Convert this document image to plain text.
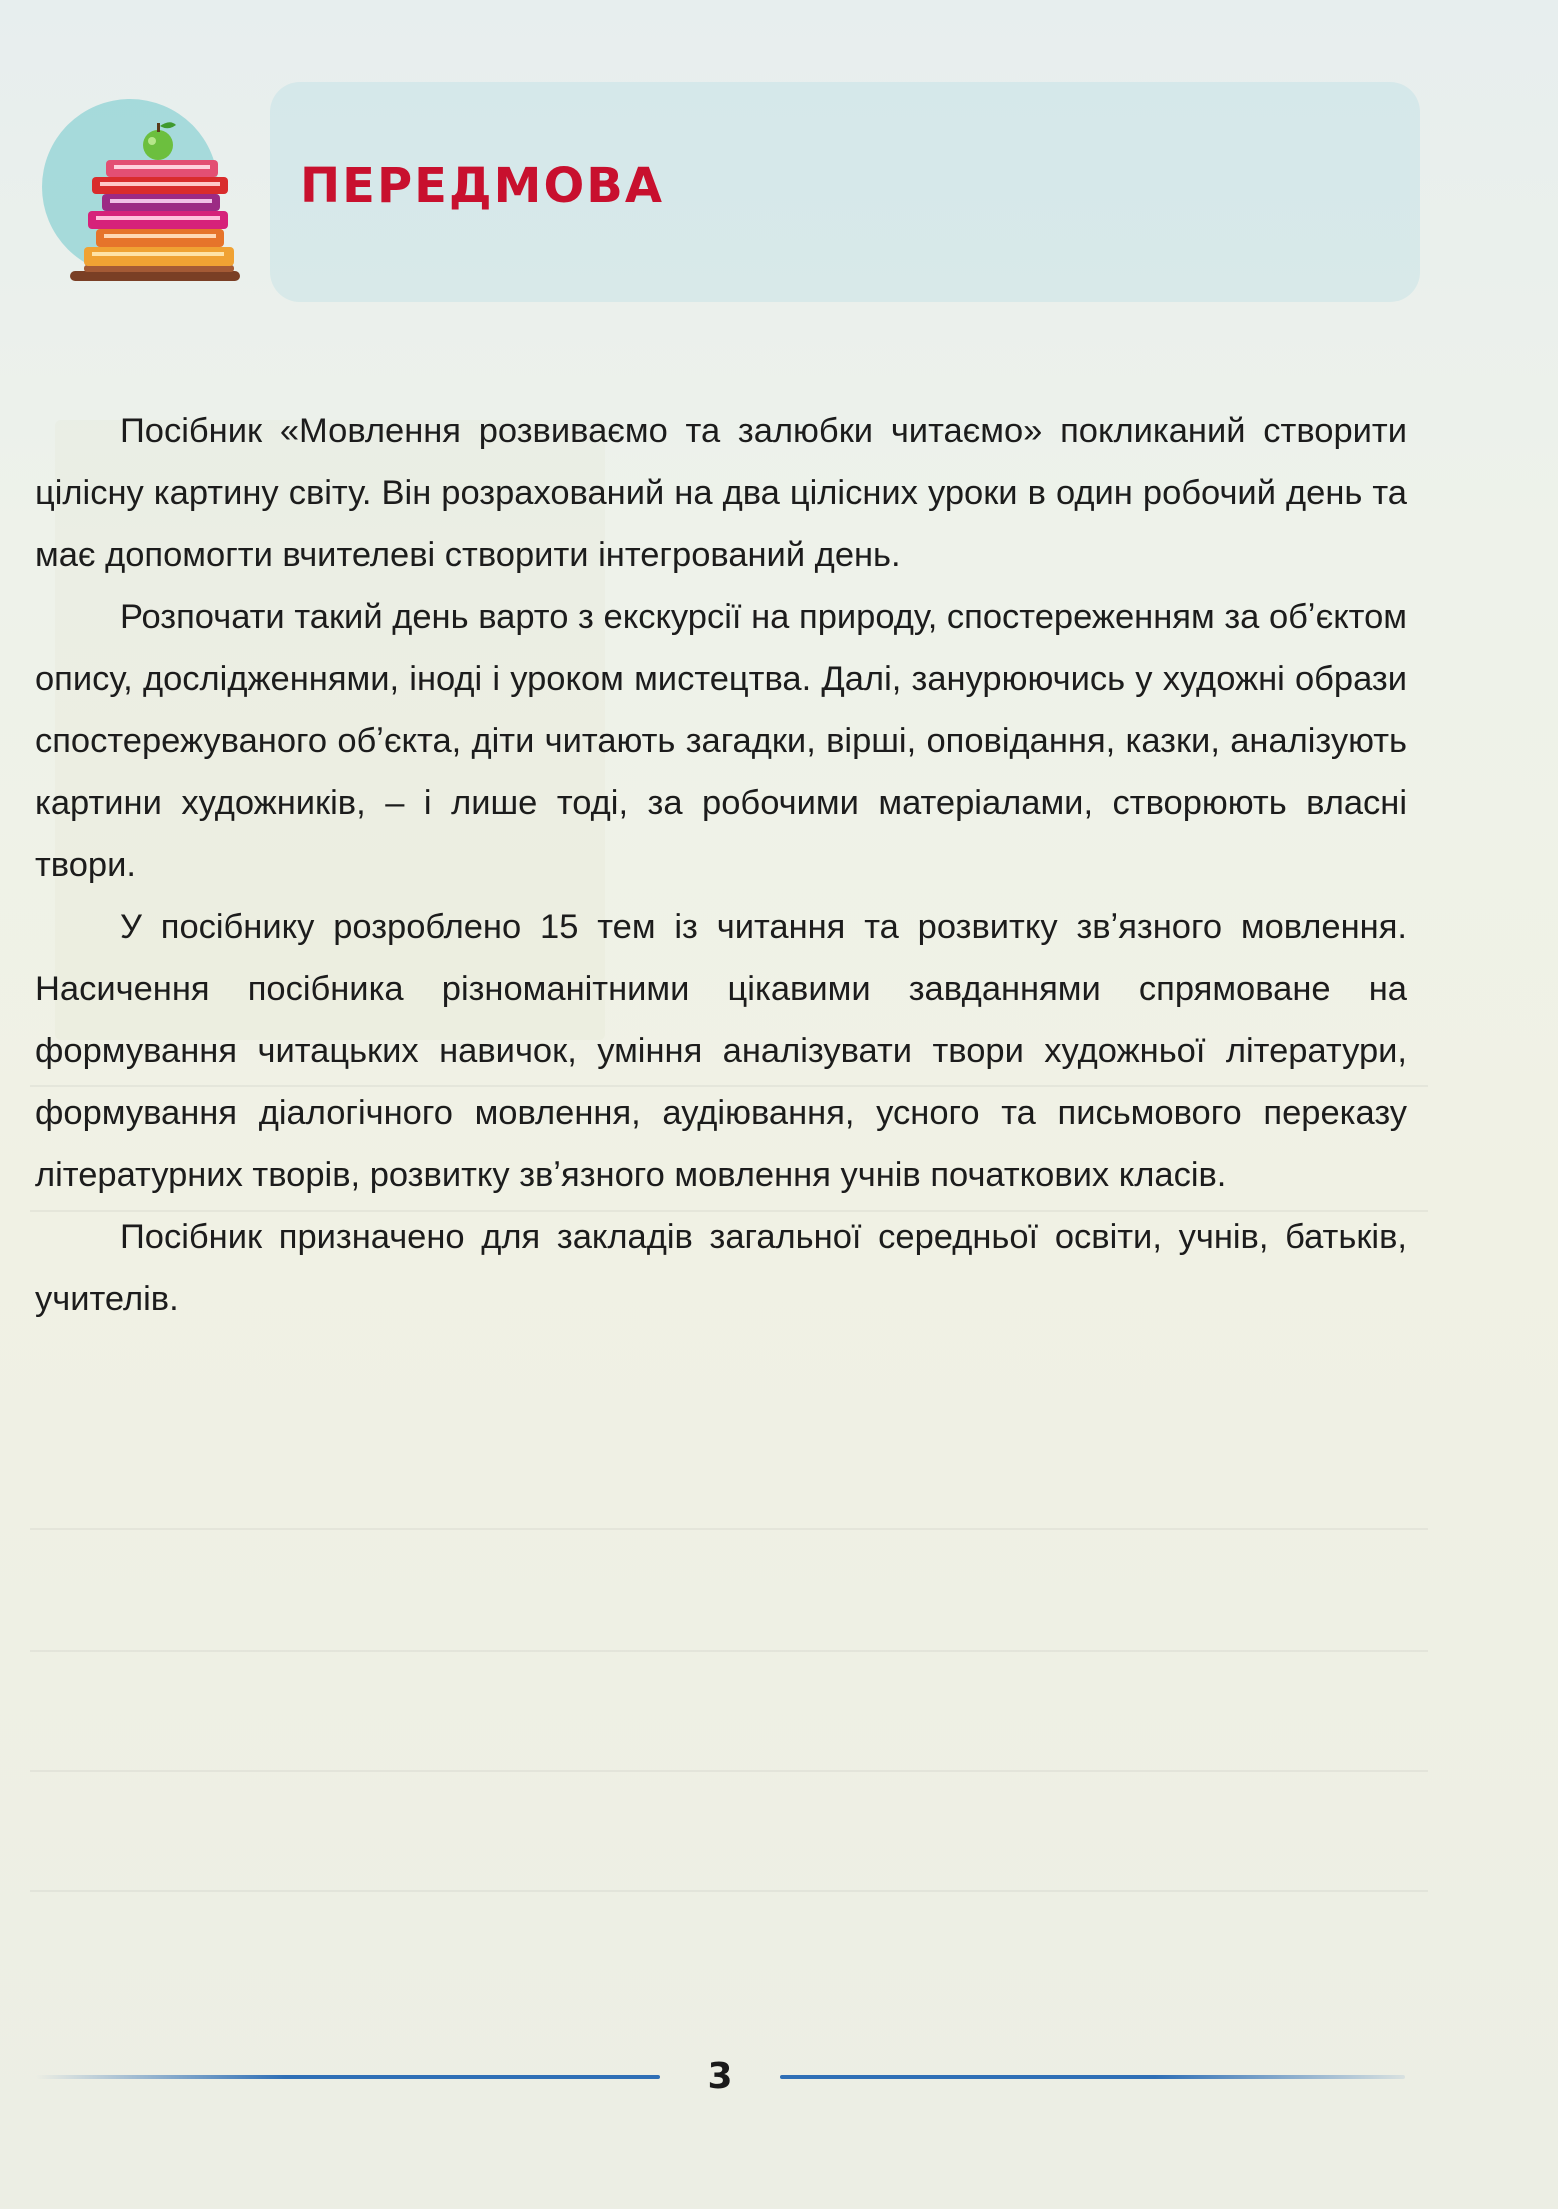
ПЕРЕДМОВА

Посібник «Мовлення розвиваємо та залюбки читаємо» покликаний створити цілісну картину світу. Він розрахований на два цілісних уроки в один робочий день та має допомогти вчителеві створити інтегрований день.

Розпочати такий день варто з екскурсії на природу, спостереженням за обʼєктом опису, дослідженнями, іноді і уроком мистецтва. Далі, занурюючись у художні образи спостережуваного обʼєкта, діти читають загадки, вірші, оповідання, казки, аналізують картини художників, – і лише тоді, за робочими матеріалами, створюють власні твори.

У посібнику розроблено 15 тем із читання та розвитку звʼязного мовлення. Насичення посібника різноманітними цікавими завданнями спрямоване на формування читацьких навичок, уміння аналізувати твори художньої літератури, формування діалогічного мовлення, аудіювання, усного та письмового переказу літературних творів, розвитку звʼязного мовлення учнів початкових класів.

Посібник призначено для закладів загальної середньої освіти, учнів, батьків, учителів.

3
